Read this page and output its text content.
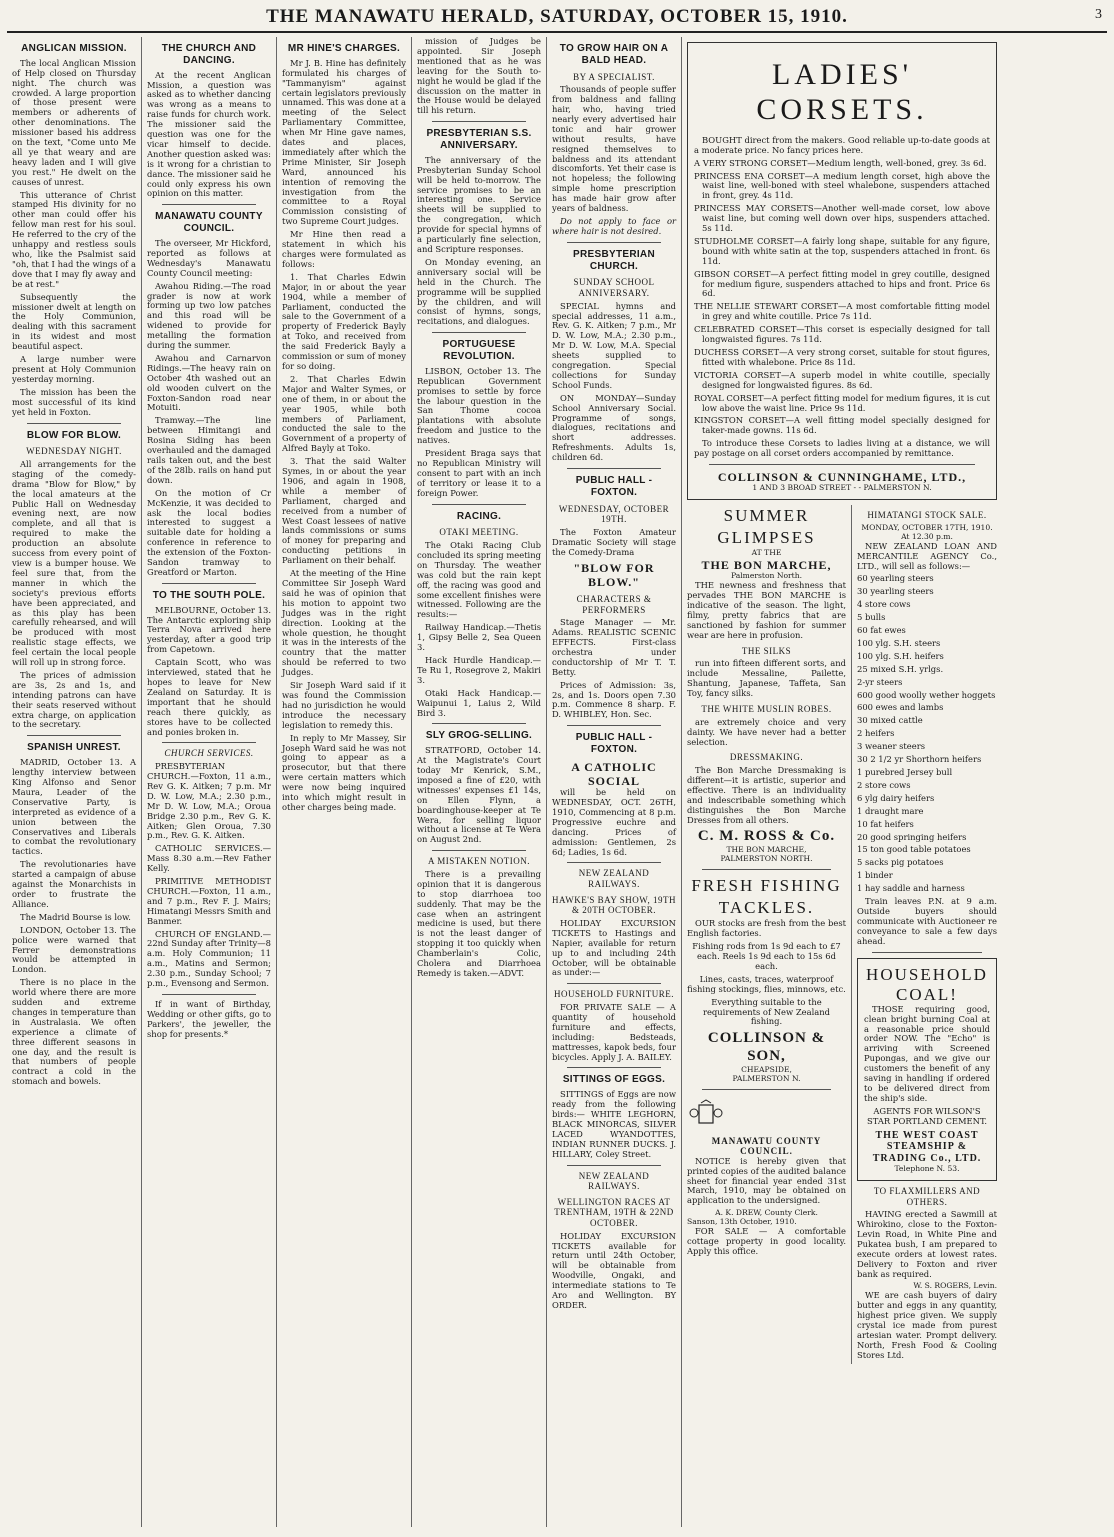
THE MANAWATU HERALD, SATURDAY, OCTOBER 15, 1910.	3
ANGLICAN MISSION.

The local Anglican Mission of Help closed on Thursday night. The church was crowded. A large proportion of those present were members or adherents of other denominations. The missioner based his address on the text, "Come unto Me all ye that weary and are heavy laden and I will give you rest." He dwelt on the causes of unrest.

This utterance of Christ stamped His divinity for no other man could offer his fellow man rest for his soul. He referred to the cry of the unhappy and restless souls who, like the Psalmist said "oh, that I had the wings of a dove that I may fly away and be at rest."

Subsequently the missioner dwelt at length on the Holy Communion, dealing with this sacrament in its widest and most beautiful aspect.

A large number were present at Holy Communion yesterday morning.

The mission has been the most successful of its kind yet held in Foxton.

BLOW FOR BLOW.
WEDNESDAY NIGHT.

All arrangements for the staging of the comedy-drama "Blow for Blow," by the local amateurs at the Public Hall on Wednesday evening next, are now complete, and all that is required to make the production an absolute success from every point of view is a bumper house. We feel sure that, from the manner in which the society's previous efforts have been appreciated, and as this play has been carefully rehearsed, and will be produced with most realistic stage effects, we feel certain the local people will roll up in strong force.

The prices of admission are 3s, 2s and 1s, and intending patrons can have their seats reserved without extra charge, on application to the secretary.

SPANISH UNREST.

MADRID, October 13. A lengthy interview between King Alfonso and Senor Maura, Leader of the Conservative Party, is interpreted as evidence of a union between the Conservatives and Liberals to combat the revolutionary tactics.

The revolutionaries have started a campaign of abuse against the Monarchists in order to frustrate the Alliance.

The Madrid Bourse is low.

LONDON, October 13. The police were warned that Ferrer demonstrations would be attempted in London.

There is no place in the world where there are more sudden and extreme changes in temperature than in Australasia. We often experience a climate of three different seasons in one day, and the result is that numbers of people contract a cold in the stomach and bowels.

THE CHURCH AND DANCING.

At the recent Anglican Mission, a question was asked as to whether dancing was wrong as a means to raise funds for church work. The missioner said the question was one for the vicar himself to decide. Another question asked was: is it wrong for a christian to dance. The missioner said he could only express his own opinion on this matter.

MANAWATU COUNTY COUNCIL.

The overseer, Mr Hickford, reported as follows at Wednesday's Manawatu County Council meeting:

Awahou Riding.—The road grader is now at work forming up two low patches and this road will be widened to provide for metalling the formation during the summer.

Awahou and Carnarvon Ridings.—The heavy rain on October 4th washed out an old wooden culvert on the Foxton-Sandon road near Motuiti.

Tramway.—The line between Himitangi and Rosina Siding has been overhauled and the damaged rails taken out, and the best of the 28lb. rails on hand put down.

On the motion of Cr McKenzie, it was decided to ask the local bodies interested to suggest a suitable date for holding a conference in reference to the extension of the Foxton-Sandon tramway to Greatford or Marton.

TO THE SOUTH POLE.

MELBOURNE, October 13. The Antarctic exploring ship Terra Nova arrived here yesterday, after a good trip from Capetown.

Captain Scott, who was interviewed, stated that he hopes to leave for New Zealand on Saturday. It is important that he should reach there quickly, as stores have to be collected and ponies broken in.

CHURCH SERVICES.

PRESBYTERIAN CHURCH.—Foxton, 11 a.m., Rev G. K. Aitken; 7 p.m. Mr D. W. Low, M.A.; 2.30 p.m., Mr D. W. Low, M.A.; Oroua Bridge 2.30 p.m., Rev G. K. Aitken; Glen Oroua, 7.30 p.m., Rev. G. K. Aitken.

CATHOLIC SERVICES.—Mass 8.30 a.m.—Rev Father Kelly.

PRIMITIVE METHODIST CHURCH.—Foxton, 11 a.m., and 7 p.m., Rev F. J. Mairs; Himatangi Messrs Smith and Banmer.

CHURCH OF ENGLAND.—22nd Sunday after Trinity—8 a.m. Holy Communion; 11 a.m., Matins and Sermon; 2.30 p.m., Sunday School; 7 p.m., Evensong and Sermon.

If in want of Birthday, Wedding or other gifts, go to Parkers', the jeweller, the shop for presents.*

MR HINE'S CHARGES.

Mr J. B. Hine has definitely formulated his charges of "Tammanyism" against certain legislators previously unnamed. This was done at a meeting of the Select Parliamentary Committee, when Mr Hine gave names, dates and places, immediately after which the Prime Minister, Sir Joseph Ward, announced his intention of removing the investigation from the committee to a Royal Commission consisting of two Supreme Court judges.

Mr Hine then read a statement in which his charges were formulated as follows:

1. That Charles Edwin Major, in or about the year 1904, while a member of Parliament, conducted the sale to the Government of a property of Frederick Bayly at Toko, and received from the said Frederick Bayly a commission or sum of money for so doing.

2. That Charles Edwin Major and Walter Symes, or one of them, in or about the year 1905, while both members of Parliament, conducted the sale to the Government of a property of Alfred Bayly at Toko.

3. That the said Walter Symes, in or about the year 1906, and again in 1908, while a member of Parliament, charged and received from a number of West Coast lessees of native lands commissions or sums of money for preparing and conducting petitions in Parliament on their behalf.

At the meeting of the Hine Committee Sir Joseph Ward said he was of opinion that his motion to appoint two Judges was in the right direction. Looking at the whole question, he thought it was in the interests of the country that the matter should be referred to two Judges.

Sir Joseph Ward said if it was found the Commission had no jurisdiction he would introduce the necessary legislation to remedy this.

In reply to Mr Massey, Sir Joseph Ward said he was not going to appear as a prosecutor, but that there were certain matters which were now being inquired into which might result in other charges being made.

mission of Judges be appointed. Sir Joseph mentioned that as he was leaving for the South to-night he would be glad if the discussion on the matter in the House would be delayed till his return.

PRESBYTERIAN S.S. ANNIVERSARY.

The anniversary of the Presbyterian Sunday School will be held to-morrow. The service promises to be an interesting one. Service sheets will be supplied to the congregation, which provide for special hymns of a particularly fine selection, and Scripture responses.

On Monday evening, an anniversary social will be held in the Church. The programme will be supplied by the children, and will consist of hymns, songs, recitations, and dialogues.

PORTUGUESE REVOLUTION.

LISBON, October 13. The Republican Government promises to settle by force the labour question in the San Thome cocoa plantations with absolute freedom and justice to the natives.

President Braga says that no Republican Ministry will consent to part with an inch of territory or lease it to a foreign Power.

RACING.
OTAKI MEETING.

The Otaki Racing Club concluded its spring meeting on Thursday. The weather was cold but the rain kept off, the racing was good and some excellent finishes were witnessed. Following are the results:—

Railway Handicap.—Thetis 1, Gipsy Belle 2, Sea Queen 3.

Hack Hurdle Handicap.—Te Ru 1, Rosegrove 2, Makiri 3.

Otaki Hack Handicap.—Waipunui 1, Laius 2, Wild Bird 3.

SLY GROG-SELLING.

STRATFORD, October 14. At the Magistrate's Court today Mr Kenrick, S.M., imposed a fine of £20, with witnesses' expenses £1 14s, on Ellen Flynn, a boardinghouse-keeper at Te Wera, for selling liquor without a license at Te Wera on August 2nd.

A MISTAKEN NOTION.

There is a prevailing opinion that it is dangerous to stop diarrhoea too suddenly. That may be the case when an astringent medicine is used, but there is not the least danger of stopping it too quickly when Chamberlain's Colic, Cholera and Diarrhoea Remedy is taken.—ADVT.

TO GROW HAIR ON A BALD HEAD.
BY A SPECIALIST.

Thousands of people suffer from baldness and falling hair, who, having tried nearly every advertised hair tonic and hair grower without results, have resigned themselves to baldness and its attendant discomforts. Yet their case is not hopeless; the following simple home prescription has made hair grow after years of baldness.

Do not apply to face or where hair is not desired.

PRESBYTERIAN CHURCH.
SUNDAY SCHOOL ANNIVERSARY.

SPECIAL hymns and special addresses, 11 a.m., Rev. G. K. Aitken; 7 p.m., Mr D. W. Low, M.A.; 2.30 p.m., Mr D. W. Low, M.A. Special sheets supplied to congregation. Special collections for Sunday School Funds.

ON MONDAY—Sunday School Anniversary Social. Programme of songs, dialogues, recitations and short addresses. Refreshments. Adults 1s, children 6d.

PUBLIC HALL - FOXTON.
WEDNESDAY, OCTOBER 19TH.

The Foxton Amateur Dramatic Society will stage the Comedy-Drama

"BLOW FOR BLOW."
CHARACTERS & PERFORMERS

Stage Manager — Mr. Adams. REALISTIC SCENIC EFFECTS. First-class orchestra under conductorship of Mr T. T. Betty.

Prices of Admission: 3s, 2s, and 1s. Doors open 7.30 p.m. Commence 8 sharp. F. D. WHIBLEY, Hon. Sec.

PUBLIC HALL - FOXTON.
A CATHOLIC SOCIAL

will be held on WEDNESDAY, OCT. 26TH, 1910, Commencing at 8 p.m. Progressive euchre and dancing. Prices of admission: Gentlemen, 2s 6d; Ladies, 1s 6d.

NEW ZEALAND RAILWAYS.
HAWKE'S BAY SHOW, 19TH & 20TH OCTOBER.

HOLIDAY EXCURSION TICKETS to Hastings and Napier, available for return up to and including 24th October, will be obtainable as under:—

HOUSEHOLD FURNITURE.

FOR PRIVATE SALE — A quantity of household furniture and effects, including: Bedsteads, mattresses, kapok beds, four bicycles. Apply J. A. BAILEY.

SITTINGS OF EGGS.

SITTINGS of Eggs are now ready from the following birds:— WHITE LEGHORN, BLACK MINORCAS, SILVER LACED WYANDOTTES, INDIAN RUNNER DUCKS. J. HILLARY, Coley Street.

NEW ZEALAND RAILWAYS.
WELLINGTON RACES AT TRENTHAM, 19TH & 22ND OCTOBER.

HOLIDAY EXCURSION TICKETS available for return until 24th October, will be obtainable from Woodville, Ongaki, and intermediate stations to Te Aro and Wellington. BY ORDER.

LADIES' CORSETS.

BOUGHT direct from the makers. Good reliable up-to-date goods at a moderate price. No fancy prices here.

A VERY STRONG CORSET—Medium length, well-boned, grey. 3s 6d.

PRINCESS ENA CORSET—A medium length corset, high above the waist line, well-boned with steel whalebone, suspenders attached in front, grey. 4s 11d.

PRINCESS MAY CORSETS—Another well-made corset, low above waist line, but coming well down over hips, suspenders attached. 5s 11d.

STUDHOLME CORSET—A fairly long shape, suitable for any figure, bound with white satin at the top, suspenders attached in front. 6s 11d.

GIBSON CORSET—A perfect fitting model in grey coutille, designed for medium figure, suspenders attached to hips and front. Price 6s 6d.

THE NELLIE STEWART CORSET—A most comfortable fitting model in grey and white coutille. Price 7s 11d.

CELEBRATED CORSET—This corset is especially designed for tall longwaisted figures. 7s 11d.

DUCHESS CORSET—A very strong corset, suitable for stout figures, fitted with whalebone. Price 8s 11d.

VICTORIA CORSET—A superb model in white coutille, specially designed for longwaisted figures. 8s 6d.

ROYAL CORSET—A perfect fitting model for medium figures, it is cut low above the waist line. Price 9s 11d.

KINGSTON CORSET—A well fitting model specially designed for taker-made gowns. 11s 6d.

To introduce these Corsets to ladies living at a distance, we will pay postage on all corset orders accompanied by remittance.

COLLINSON & CUNNINGHAME, LTD.,
1 AND 3 BROAD STREET - - PALMERSTON N.
SUMMER GLIMPSES
AT THE
THE BON MARCHE,
Palmerston North.

THE newness and freshness that pervades THE BON MARCHE is indicative of the season. The light, filmy, pretty fabrics that are sanctioned by fashion for summer wear are here in profusion.

THE SILKS

run into fifteen different sorts, and include Messaline, Pailette, Shantung, Japanese, Taffeta, San Toy, fancy silks.

THE WHITE MUSLIN ROBES.

are extremely choice and very dainty. We have never had a better selection.

DRESSMAKING.

The Bon Marche Dressmaking is different—it is artistic, superior and effective. There is an individuality and indescribable something which distinguishes the Bon Marche Dresses from all others.

C. M. ROSS & Co.
THE BON MARCHE,
PALMERSTON NORTH.
FRESH FISHING TACKLES.

OUR stocks are fresh from the best English factories.

Fishing rods from 1s 9d each to £7 each. Reels 1s 9d each to 15s 6d each.

Lines, casts, traces, waterproof fishing stockings, flies, minnows, etc.

Everything suitable to the requirements of New Zealand fishing.

COLLINSON & SON,
CHEAPSIDE,
PALMERSTON N.
MANAWATU COUNTY COUNCIL.

NOTICE is hereby given that printed copies of the audited balance sheet for financial year ended 31st March, 1910, may be obtained on application to the undersigned.

A. K. DREW, County Clerk.
Sanson, 13th October, 1910.

FOR SALE — A comfortable cottage property in good locality. Apply this office.

HIMATANGI STOCK SALE.
MONDAY, OCTOBER 17TH, 1910.
At 12.30 p.m.

NEW ZEALAND LOAN AND MERCANTILE AGENCY Co., LTD., will sell as follows:—

60 yearling steers

30 yearling steers

4 store cows

5 bulls

60 fat ewes

100 ylg. S.H. steers

100 ylg. S.H. heifers

25 mixed S.H. yrlgs.

2-yr steers

600 good woolly wether hoggets

600 ewes and lambs

30 mixed cattle

2 heifers

3 weaner steers

30 2 1/2 yr Shorthorn heifers

1 purebred Jersey bull

2 store cows

6 ylg dairy heifers

1 draught mare

10 fat heifers

20 good springing heifers

15 ton good table potatoes

5 sacks pig potatoes

1 binder

1 hay saddle and harness

Train leaves P.N. at 9 a.m. Outside buyers should communicate with Auctioneer re conveyance to sale a few days ahead.

HOUSEHOLD COAL!

THOSE requiring good, clean bright burning Coal at a reasonable price should order NOW. The "Echo" is arriving with Screened Pupongas, and we give our customers the benefit of any saving in handling if ordered to be delivered direct from the ship's side.

AGENTS FOR WILSON'S STAR PORTLAND CEMENT.

THE WEST COAST STEAMSHIP & TRADING Co., LTD.
Telephone N. 53.
TO FLAXMILLERS AND OTHERS.

HAVING erected a Sawmill at Whirokino, close to the Foxton-Levin Road, in White Pine and Pukatea bush, I am prepared to execute orders at lowest rates. Delivery to Foxton and river bank as required.

W. S. ROGERS, Levin.

WE are cash buyers of dairy butter and eggs in any quantity, highest price given. We supply crystal ice made from purest artesian water. Prompt delivery. North, Fresh Food & Cooling Stores Ltd.
